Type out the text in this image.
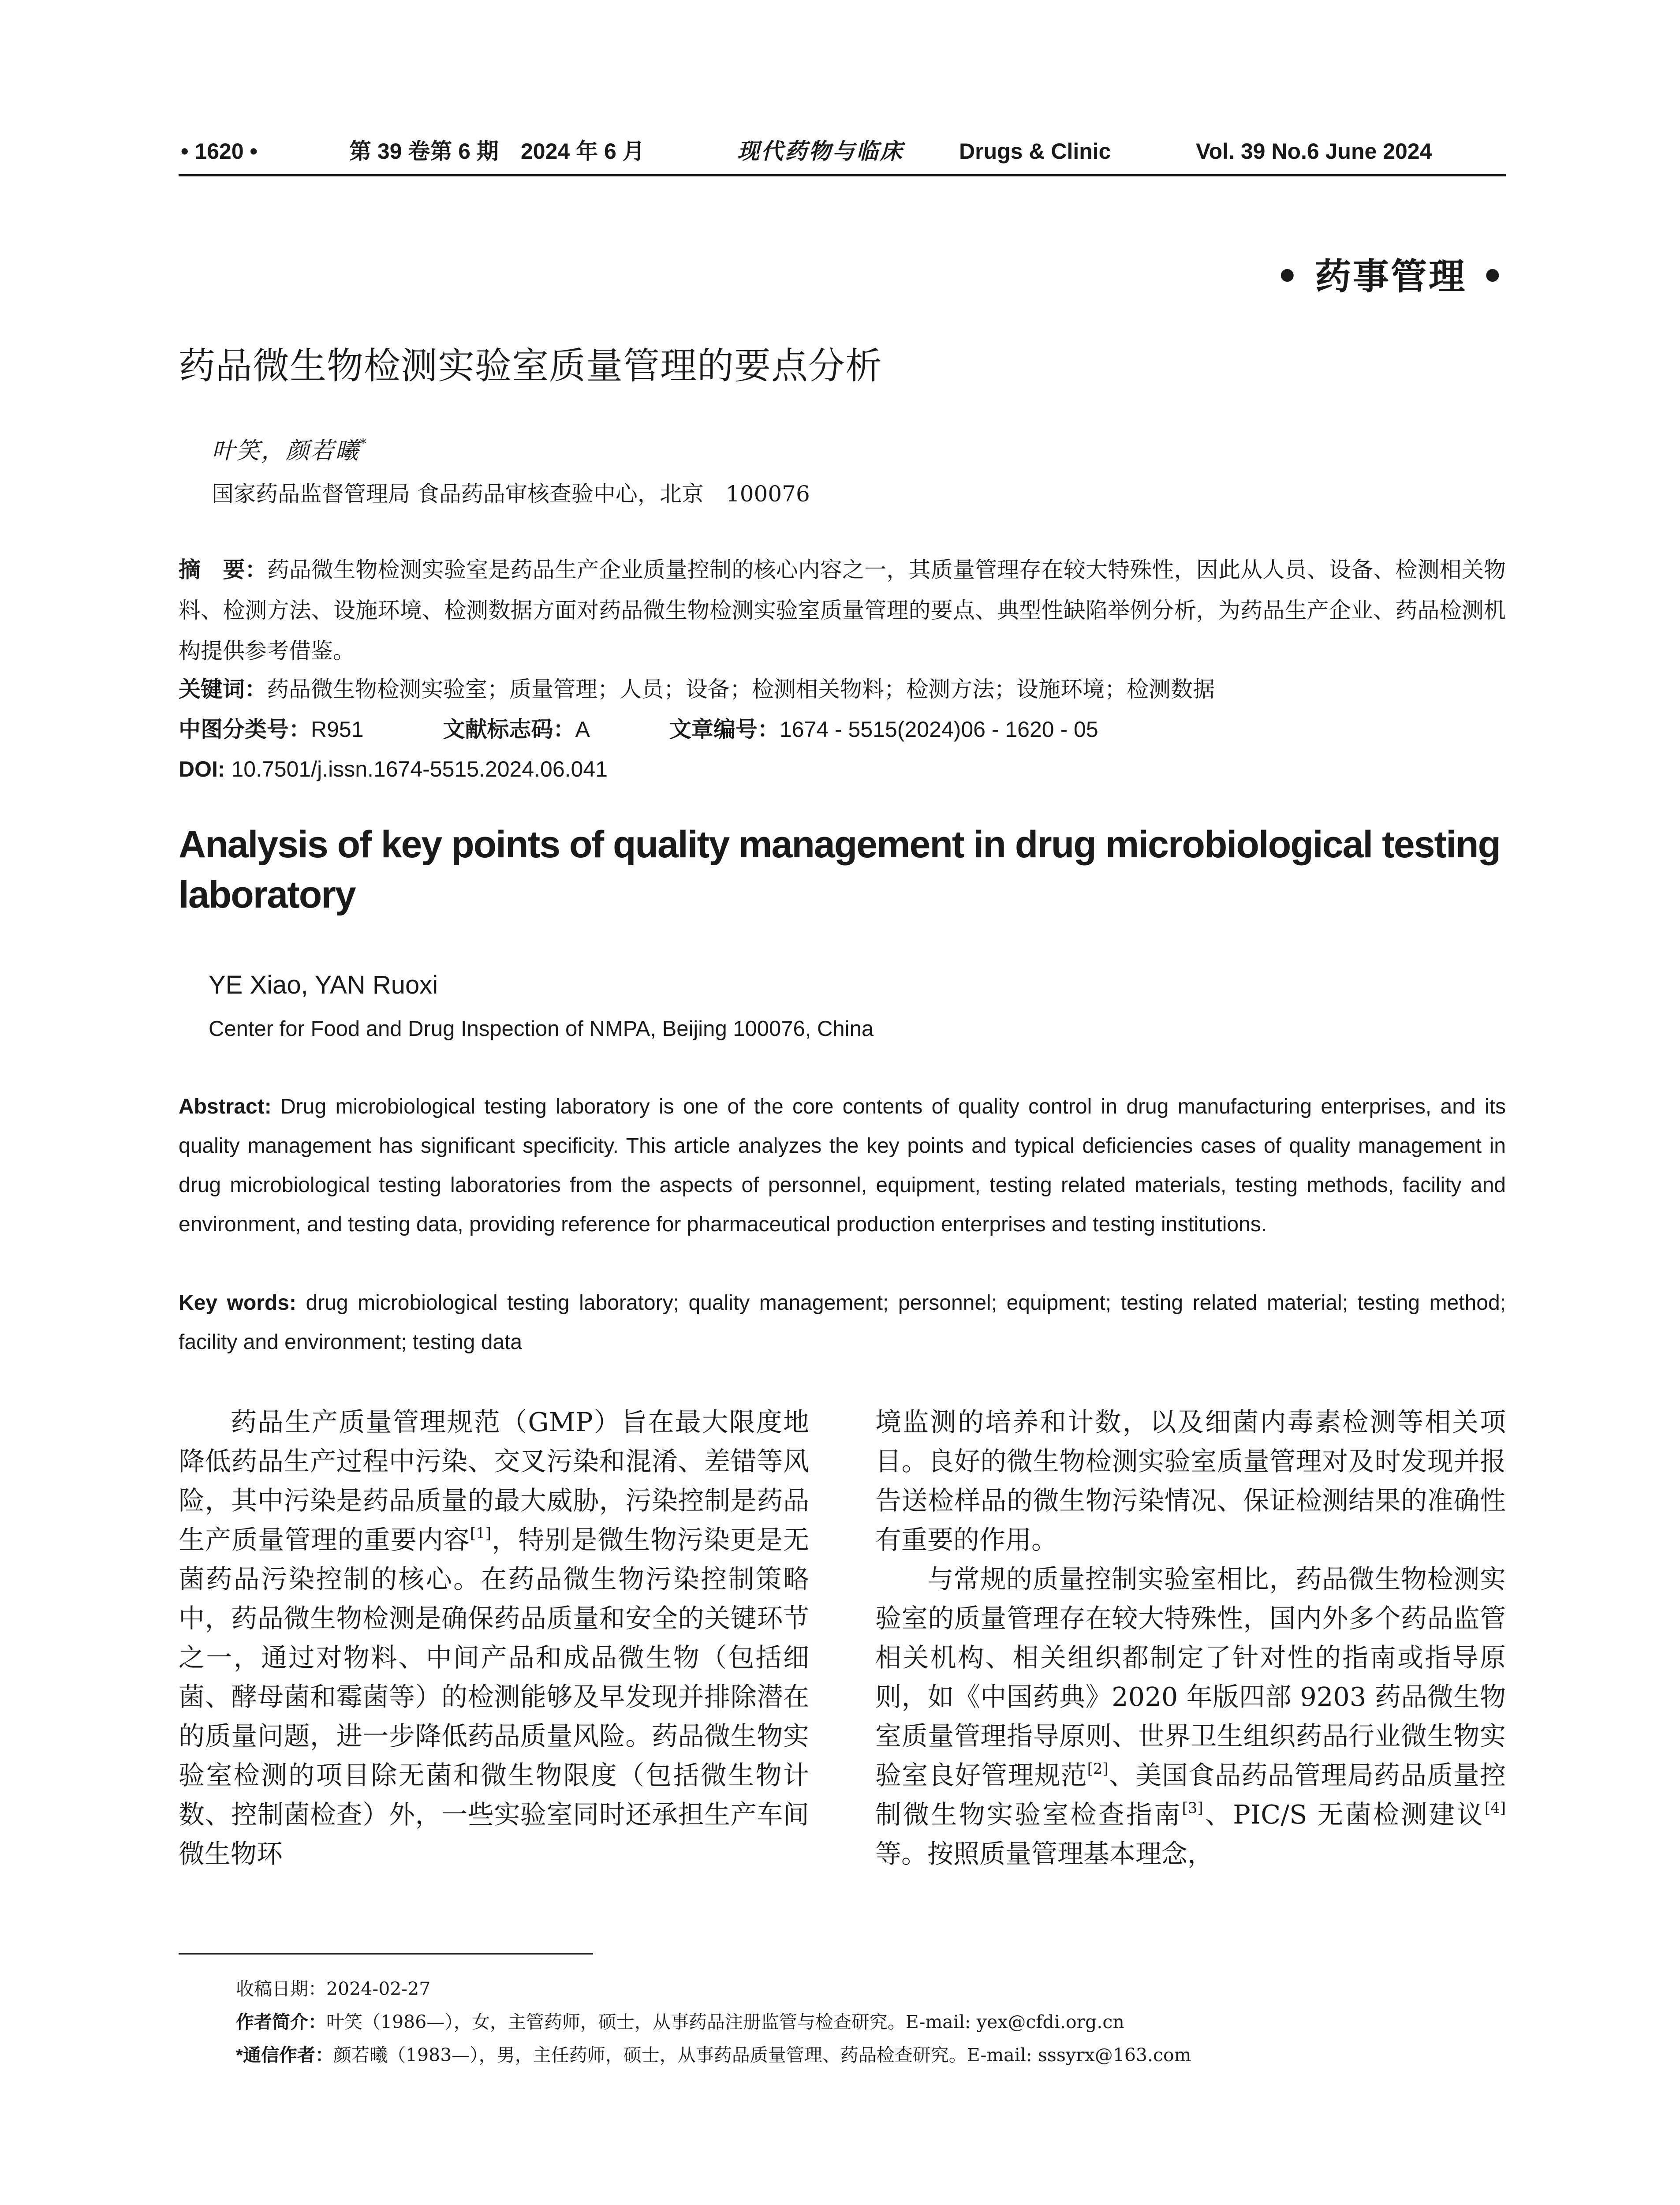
• 1620 •	第 39 卷第 6 期　2024 年 6 月	现代药物与临床	Drugs & Clinic	Vol. 39 No.6 June 2024
• 药事管理 •
药品微生物检测实验室质量管理的要点分析
叶笑，颜若曦*
国家药品监督管理局 食品药品审核查验中心，北京　100076
摘　要：药品微生物检测实验室是药品生产企业质量控制的核心内容之一，其质量管理存在较大特殊性，因此从人员、设备、检测相关物料、检测方法、设施环境、检测数据方面对药品微生物检测实验室质量管理的要点、典型性缺陷举例分析，为药品生产企业、药品检测机构提供参考借鉴。
关键词：药品微生物检测实验室；质量管理；人员；设备；检测相关物料；检测方法；设施环境；检测数据
中图分类号：R951	文献标志码：A	文章编号：1674 - 5515(2024)06 - 1620 - 05
DOI: 10.7501/j.issn.1674-5515.2024.06.041
Analysis of key points of quality management in drug microbiological testing laboratory
YE Xiao, YAN Ruoxi
Center for Food and Drug Inspection of NMPA, Beijing 100076, China
Abstract: Drug microbiological testing laboratory is one of the core contents of quality control in drug manufacturing enterprises, and its quality management has significant specificity. This article analyzes the key points and typical deficiencies cases of quality management in drug microbiological testing laboratories from the aspects of personnel, equipment, testing related materials, testing methods, facility and environment, and testing data, providing reference for pharmaceutical production enterprises and testing institutions.
Key words: drug microbiological testing laboratory; quality management; personnel; equipment; testing related material; testing method; facility and environment; testing data

药品生产质量管理规范（GMP）旨在最大限度地降低药品生产过程中污染、交叉污染和混淆、差错等风险，其中污染是药品质量的最大威胁，污染控制是药品生产质量管理的重要内容[1]，特别是微生物污染更是无菌药品污染控制的核心。在药品微生物污染控制策略中，药品微生物检测是确保药品质量和安全的关键环节之一，通过对物料、中间产品和成品微生物（包括细菌、酵母菌和霉菌等）的检测能够及早发现并排除潜在的质量问题，进一步降低药品质量风险。药品微生物实验室检测的项目除无菌和微生物限度（包括微生物计数、控制菌检查）外，一些实验室同时还承担生产车间微生物环

境监测的培养和计数，以及细菌内毒素检测等相关项目。良好的微生物检测实验室质量管理对及时发现并报告送检样品的微生物污染情况、保证检测结果的准确性有重要的作用。

与常规的质量控制实验室相比，药品微生物检测实验室的质量管理存在较大特殊性，国内外多个药品监管相关机构、相关组织都制定了针对性的指南或指导原则，如《中国药典》2020 年版四部 9203 药品微生物室质量管理指导原则、世界卫生组织药品行业微生物实验室良好管理规范[2]、美国食品药品管理局药品质量控制微生物实验室检查指南[3]、PIC/S 无菌检测建议[4]等。按照质量管理基本理念，

收稿日期：2024-02-27
作者简介：叶笑（1986—），女，主管药师，硕士，从事药品注册监管与检查研究。E-mail: yex@cfdi.org.cn
*通信作者：颜若曦（1983—），男，主任药师，硕士，从事药品质量管理、药品检查研究。E-mail: sssyrx@163.com
